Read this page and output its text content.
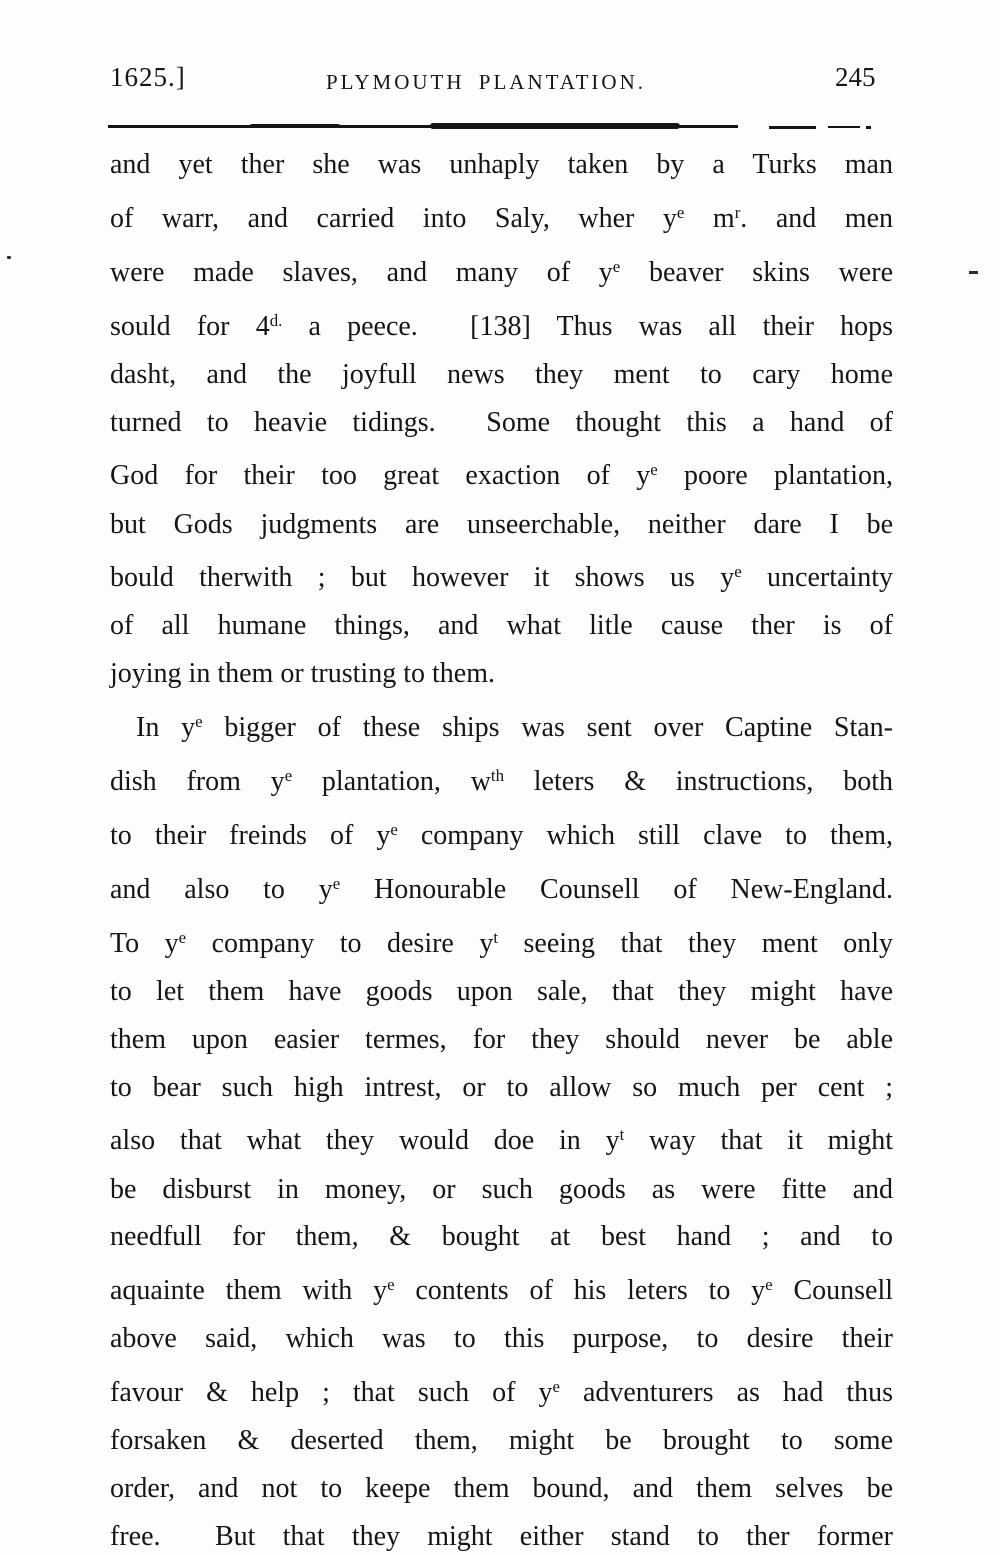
1625.]	PLYMOUTH PLANTATION.	245
and yet ther she was unhaply taken by a Turks man
of warr, and carried into Saly, wher $y^e$ $m^r$. and men
were made slaves, and many of $y^e$ beaver skins were
sould for $4^{d.}$ a peece.  [138] Thus was all their hops
dasht, and the joyfull news they ment to cary home
turned to heavie tidings.  Some thought this a hand of
God for their too great exaction of $y^e$ poore plantation,
but Gods judgments are unseerchable, neither dare I be
bould therwith ; but however it shows us $y^e$ uncertainty
of all humane things, and what litle cause ther is of
joying in them or trusting to them.
In $y^e$ bigger of these ships was sent over Captine Stan-
dish from $y^e$ plantation, $w^{th}$ leters & instructions, both
to their freinds of $y^e$ company which still clave to them,
and also to $y^e$ Honourable Counsell of New-England.
To $y^e$ company to desire $y^t$ seeing that they ment only
to let them have goods upon sale, that they might have
them upon easier termes, for they should never be able
to bear such high intrest, or to allow so much per cent ;
also that what they would doe in $y^t$ way that it might
be disburst in money, or such goods as were fitte and
needfull for them, & bought at best hand ; and to
aquainte them with $y^e$ contents of his leters to $y^e$ Counsell
above said, which was to this purpose, to desire their
favour & help ; that such of $y^e$ adventurers as had thus
forsaken & deserted them, might be brought to some
order, and not to keepe them bound, and them selves be
free.  But that they might either stand to ther former
